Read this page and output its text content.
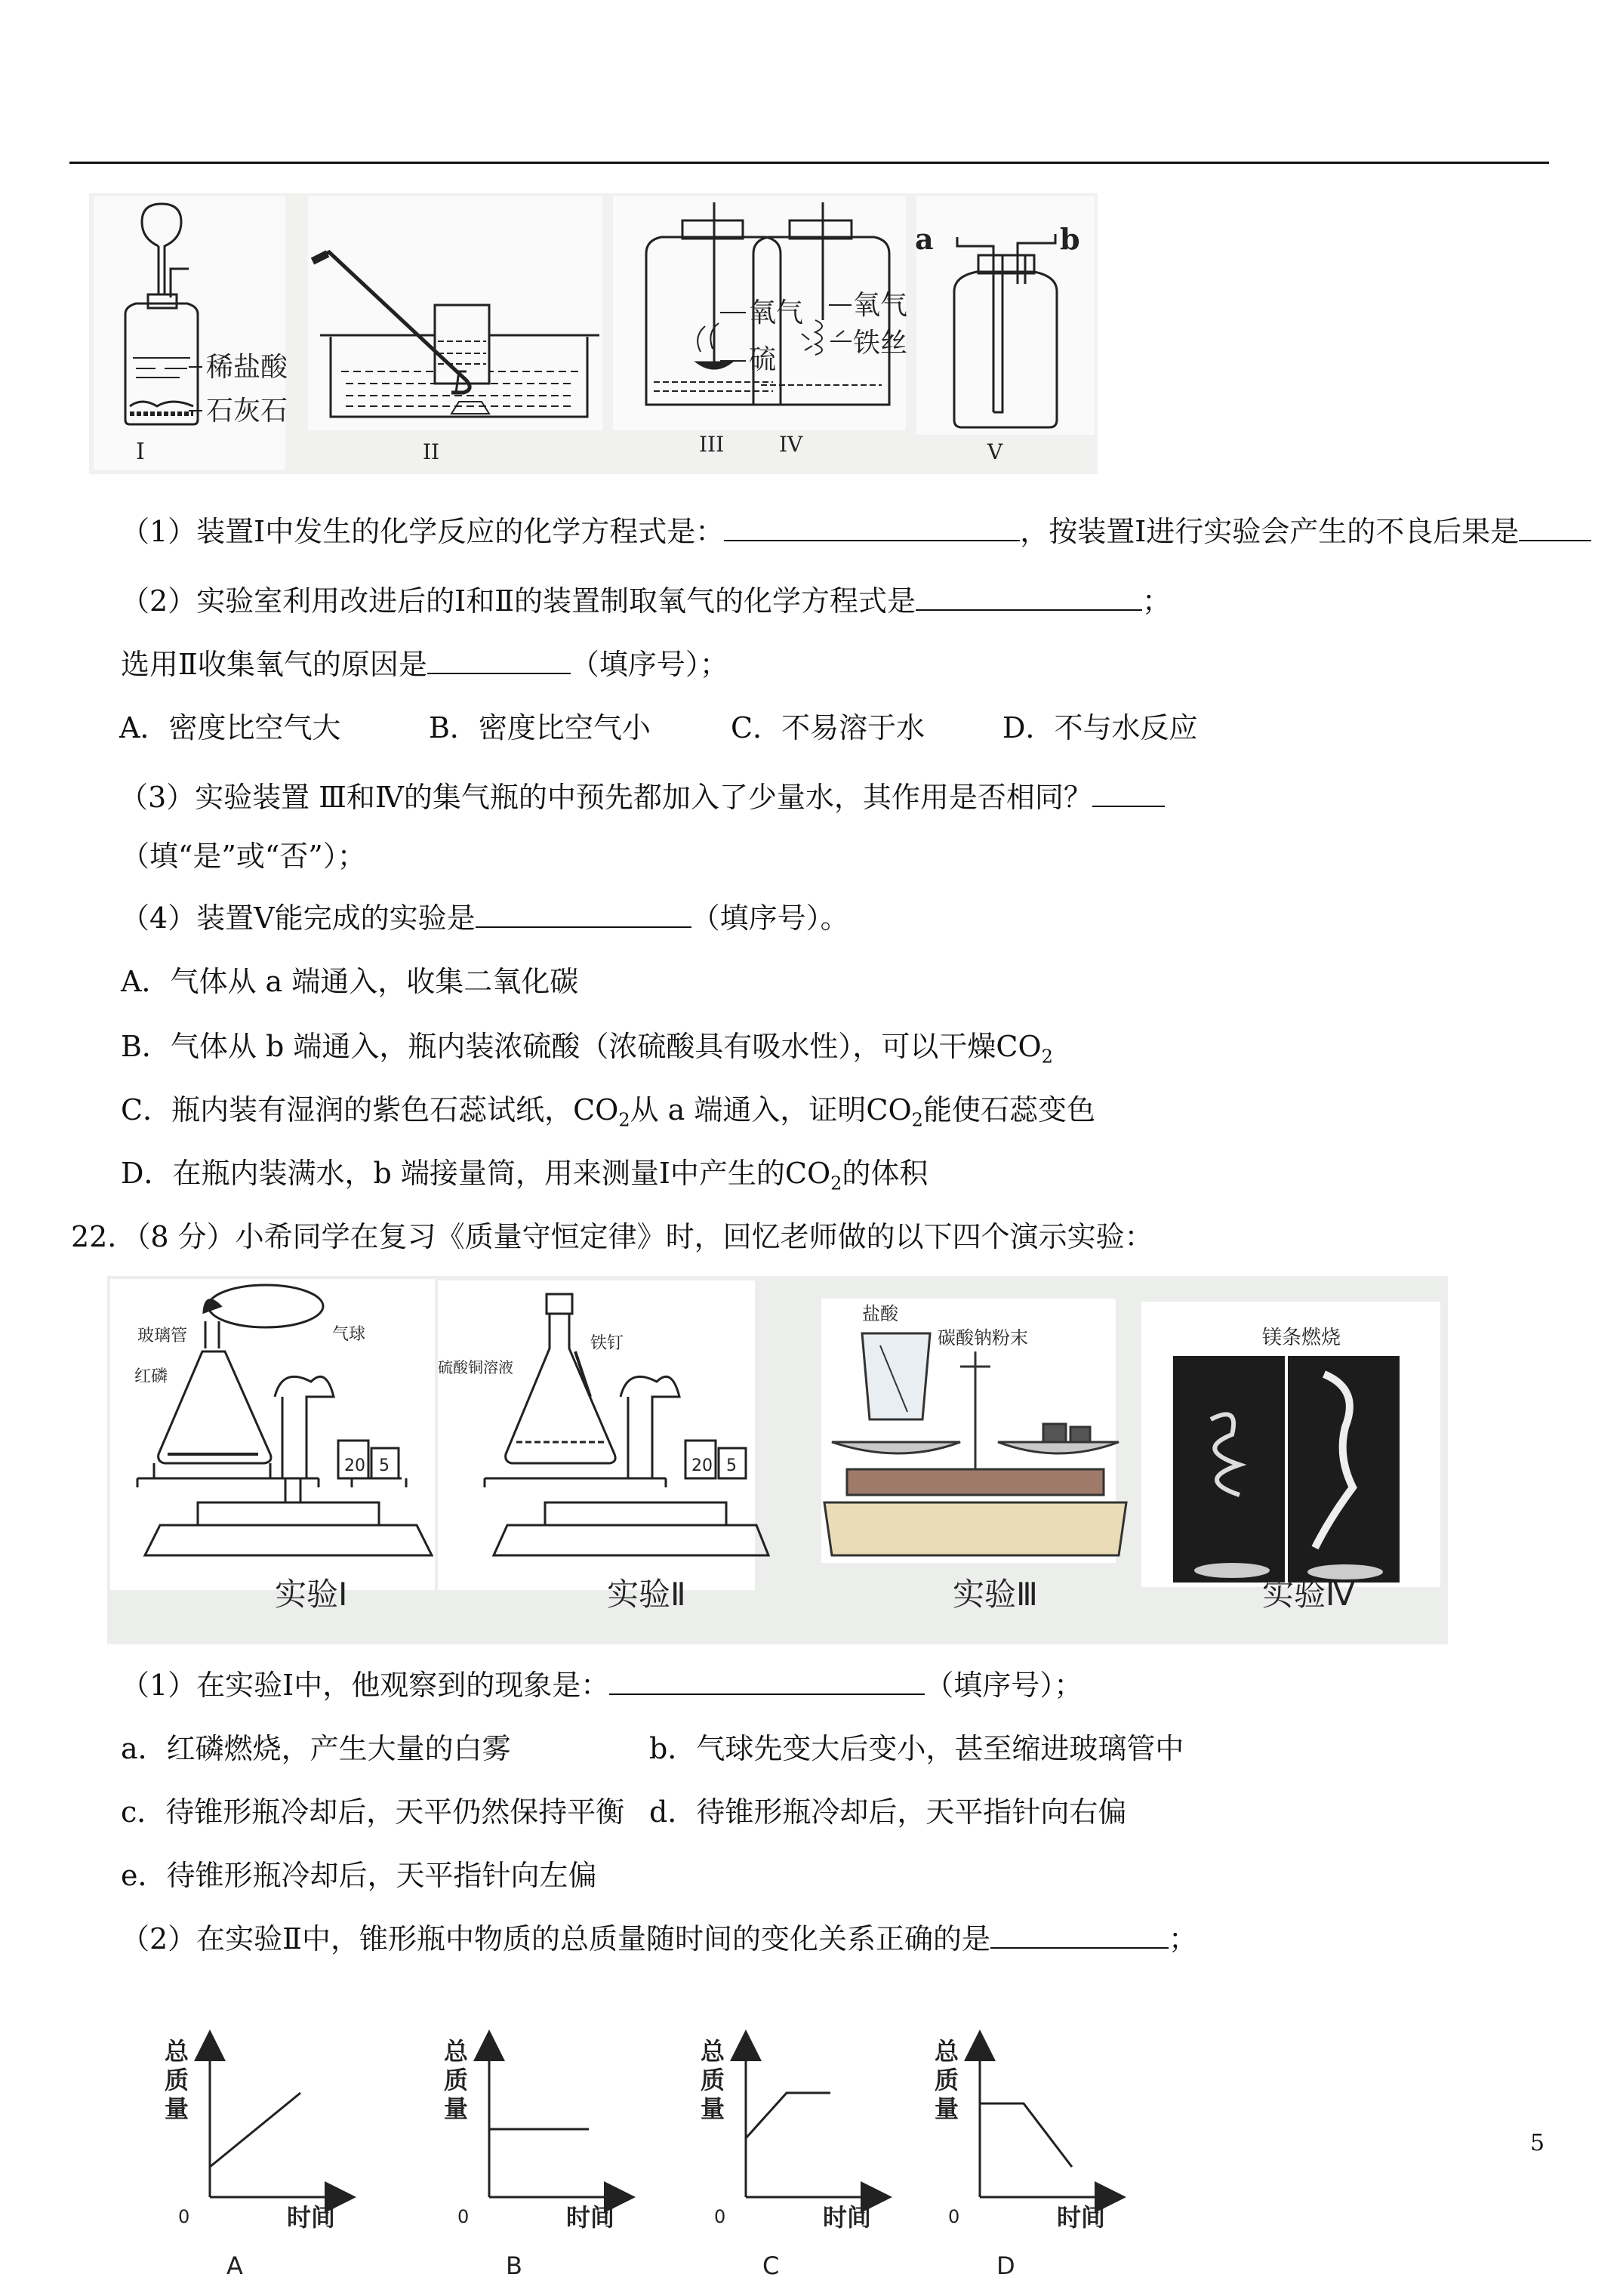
稀盐酸
石灰石
I	II
氧气
硫
III
氧气
铁丝
IV
a	b
V
（1）装置Ⅰ中发生的化学反应的化学方程式是：	，按装置Ⅰ进行实验会产生的不良后果是
（2）实验室利用改进后的Ⅰ和Ⅱ的装置制取氧气的化学方程式是	；
选用Ⅱ收集氧气的原因是	（填序号）；
A．密度比空气大	B．密度比空气小	C．不易溶于水	D．不与水反应
（3）实验装置 Ⅲ和Ⅳ的集气瓶的中预先都加入了少量水，其作用是否相同？
（填“是”或“否”）；
（4）装置Ⅴ能完成的实验是	（填序号）。
A．气体从 a 端通入，收集二氧化碳
B．气体从 b 端通入，瓶内装浓硫酸（浓硫酸具有吸水性），可以干燥$CO_2$
C．瓶内装有湿润的紫色石蕊试纸，$CO_2$从 a 端通入，证明$CO_2$能使石蕊变色
D．在瓶内装满水，b 端接量筒，用来测量Ⅰ中产生的$CO_2$的体积
22．（8 分）小希同学在复习《质量守恒定律》时，回忆老师做的以下四个演示实验：
20 5
玻璃管	气球
红磷
实验Ⅰ
20 5
硫酸铜溶液
铁钉
实验Ⅱ
盐酸
碳酸钠粉末
实验Ⅲ
镁条燃烧
实验Ⅳ
（1）在实验Ⅰ中，他观察到的现象是：	（填序号）；
a．红磷燃烧，产生大量的白雾	b．气球先变大后变小，甚至缩进玻璃管中
c．待锥形瓶冷却后，天平仍然保持平衡 d．待锥形瓶冷却后，天平指针向右偏
e．待锥形瓶冷却后，天平指针向左偏
（2）在实验Ⅱ中，锥形瓶中物质的总质量随时间的变化关系正确的是	；
总质量
0	时间
A
总质量
0	时间
B
总质量
0	时间
C
总质量
0	时间
D
5
